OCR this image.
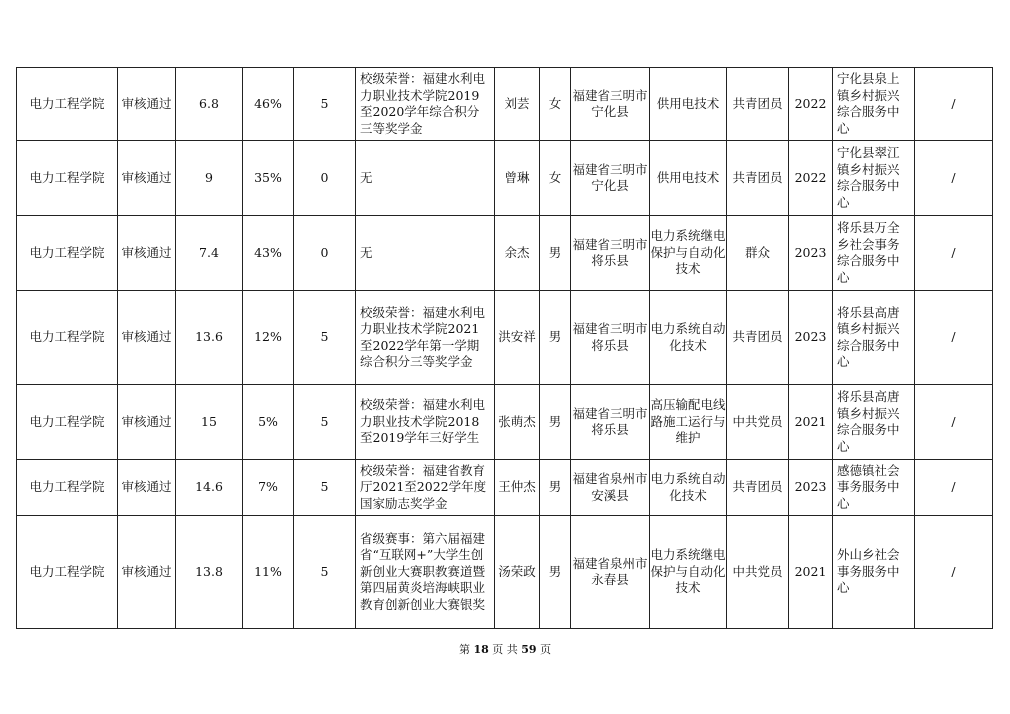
电力工程学院	审核通过	6.8	46%	5	校级荣誉：福建水利电力职业技术学院2019至2020学年综合积分三等奖学金	刘芸	女	福建省三明市宁化县	供用电技术	共青团员	2022	宁化县泉上镇乡村振兴综合服务中心	/
电力工程学院	审核通过	9	35%	0	无	曾琳	女	福建省三明市宁化县	供用电技术	共青团员	2022	宁化县翠江镇乡村振兴综合服务中心	/
电力工程学院	审核通过	7.4	43%	0	无	余杰	男	福建省三明市将乐县	电力系统继电保护与自动化技术	群众	2023	将乐县万全乡社会事务综合服务中心	/
电力工程学院	审核通过	13.6	12%	5	校级荣誉：福建水利电力职业技术学院2021至2022学年第一学期综合积分三等奖学金	洪安祥	男	福建省三明市将乐县	电力系统自动化技术	共青团员	2023	将乐县高唐镇乡村振兴综合服务中心	/
电力工程学院	审核通过	15	5%	5	校级荣誉：福建水利电力职业技术学院2018至2019学年三好学生	张萌杰	男	福建省三明市将乐县	高压输配电线路施工运行与维护	中共党员	2021	将乐县高唐镇乡村振兴综合服务中心	/
电力工程学院	审核通过	14.6	7%	5	校级荣誉：福建省教育厅2021至2022学年度国家励志奖学金	王仲杰	男	福建省泉州市安溪县	电力系统自动化技术	共青团员	2023	感德镇社会事务服务中心	/
电力工程学院	审核通过	13.8	11%	5	省级赛事：第六届福建省“互联网+”大学生创新创业大赛职教赛道暨第四届黄炎培海峡职业教育创新创业大赛银奖	汤荣政	男	福建省泉州市永春县	电力系统继电保护与自动化技术	中共党员	2021	外山乡社会事务服务中心	/
第 18 页 共 59 页
